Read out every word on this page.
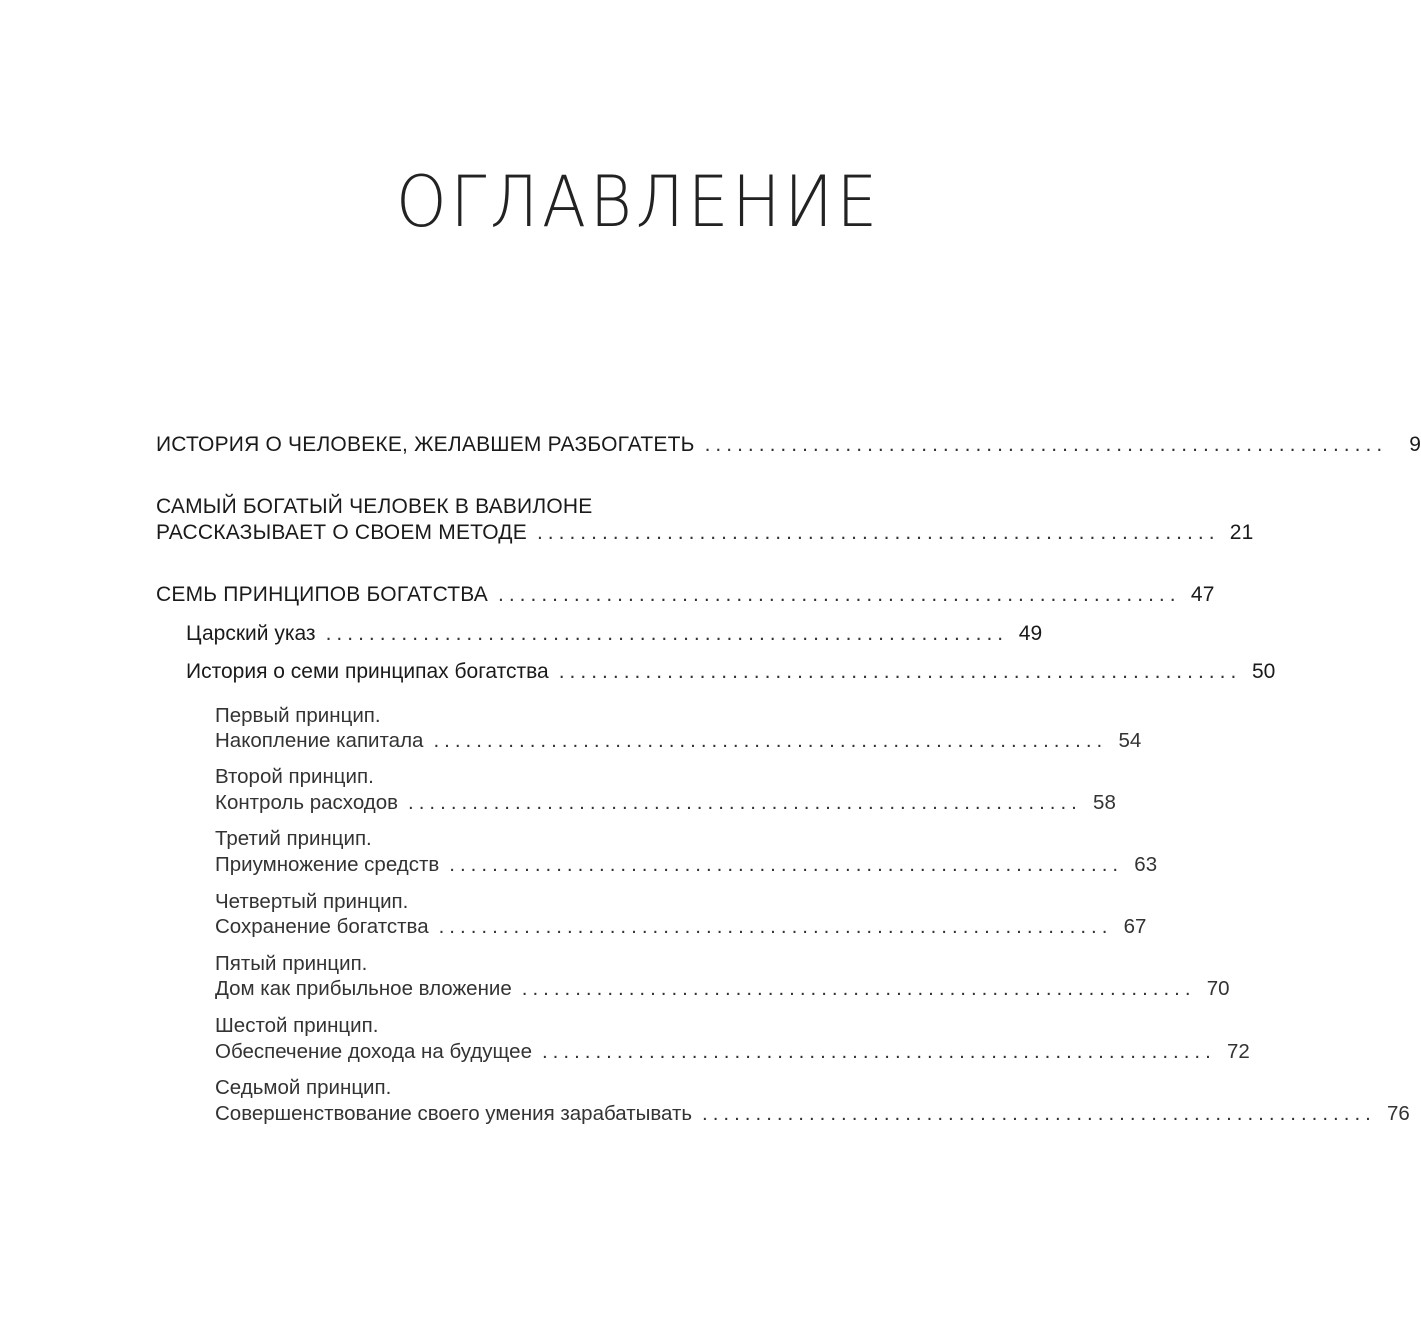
ОГЛАВЛЕНИЕ
ИСТОРИЯ О ЧЕЛОВЕКЕ, ЖЕЛАВШЕМ РАЗБОГАТЕТЬ ...............................................................	9
САМЫЙ БОГАТЫЙ ЧЕЛОВЕК В ВАВИЛОНЕ
РАССКАЗЫВАЕТ О СВОЕМ МЕТОДЕ ............................................................... 21
СЕМЬ ПРИНЦИПОВ БОГАТСТВА ............................................................... 47
Царский указ ............................................................... 49
История о семи принципах богатства ............................................................... 50
Первый принцип.
Накопление капитала ............................................................... 54
Второй принцип.
Контроль расходов ............................................................... 58
Третий принцип.
Приумножение средств ............................................................... 63
Четвертый принцип.
Сохранение богатства ............................................................... 67
Пятый принцип.
Дом как прибыльное вложение ............................................................... 70
Шестой принцип.
Обеспечение дохода на будущее ............................................................... 72
Седьмой принцип.
Совершенствование своего умения зарабатывать ............................................................... 76
